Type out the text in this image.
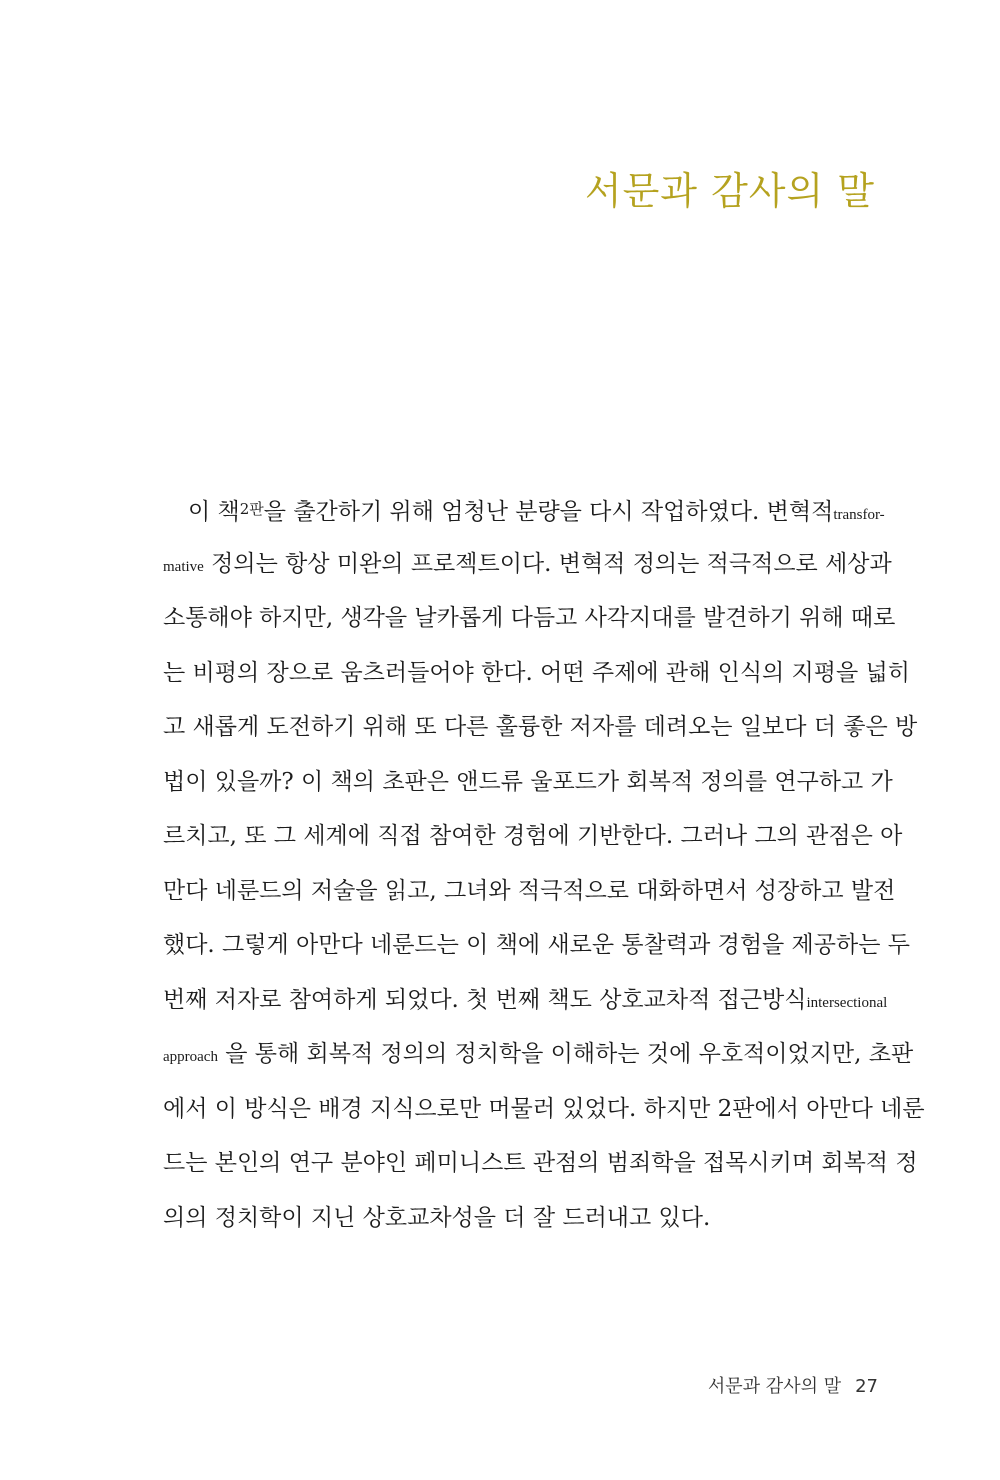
서문과 감사의 말
이 책$^{2판}$을 출간하기 위해 엄청난 분량을 다시 작업하였다. 변혁적transfor-
mative 정의는 항상 미완의 프로젝트이다. 변혁적 정의는 적극적으로 세상과
소통해야 하지만, 생각을 날카롭게 다듬고 사각지대를 발견하기 위해 때로
는 비평의 장으로 움츠러들어야 한다. 어떤 주제에 관해 인식의 지평을 넓히
고 새롭게 도전하기 위해 또 다른 훌륭한 저자를 데려오는 일보다 더 좋은 방
법이 있을까? 이 책의 초판은 앤드류 울포드가 회복적 정의를 연구하고 가
르치고, 또 그 세계에 직접 참여한 경험에 기반한다. 그러나 그의 관점은 아
만다 네룬드의 저술을 읽고, 그녀와 적극적으로 대화하면서 성장하고 발전
했다. 그렇게 아만다 네룬드는 이 책에 새로운 통찰력과 경험을 제공하는 두
번째 저자로 참여하게 되었다. 첫 번째 책도 상호교차적 접근방식intersectional
approach 을 통해 회복적 정의의 정치학을 이해하는 것에 우호적이었지만, 초판
에서 이 방식은 배경 지식으로만 머물러 있었다. 하지만 2판에서 아만다 네룬
드는 본인의 연구 분야인 페미니스트 관점의 범죄학을 접목시키며 회복적 정
의의 정치학이 지닌 상호교차성을 더 잘 드러내고 있다.
서문과 감사의 말 27
